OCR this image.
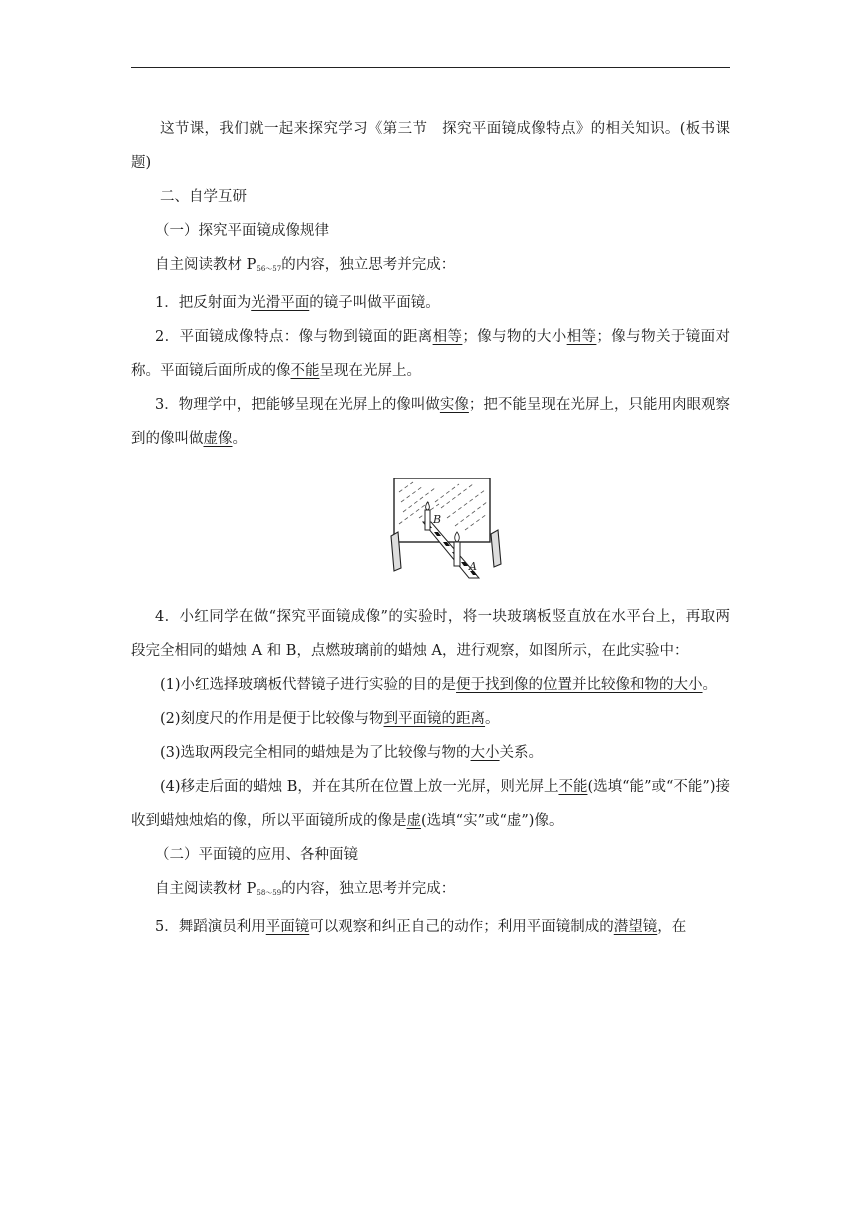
这节课，我们就一起来探究学习《第三节　探究平面镜成像特点》的相关知识。(板书课题)

二、自学互研

（一）探究平面镜成像规律

自主阅读教材 $P_{56\sim 57}$的内容，独立思考并完成：

1．把反射面为光滑平面的镜子叫做平面镜。

2．平面镜成像特点：像与物到镜面的距离相等；像与物的大小相等；像与物关于镜面对称。平面镜后面所成的像不能呈现在光屏上。

3．物理学中，把能够呈现在光屏上的像叫做实像；把不能呈现在光屏上，只能用肉眼观察到的像叫做虚像。

B
A

4．小红同学在做“探究平面镜成像”的实验时，将一块玻璃板竖直放在水平台上，再取两段完全相同的蜡烛 A 和 B，点燃玻璃前的蜡烛 A，进行观察，如图所示，在此实验中：

(1)小红选择玻璃板代替镜子进行实验的目的是便于找到像的位置并比较像和物的大小。

(2)刻度尺的作用是便于比较像与物到平面镜的距离。

(3)选取两段完全相同的蜡烛是为了比较像与物的大小关系。

(4)移走后面的蜡烛 B，并在其所在位置上放一光屏，则光屏上不能(选填“能”或“不能”)接收到蜡烛烛焰的像，所以平面镜所成的像是虚(选填“实”或“虚”)像。

（二）平面镜的应用、各种面镜

自主阅读教材 $P_{58\sim 59}$的内容，独立思考并完成：

5．舞蹈演员利用平面镜可以观察和纠正自己的动作；利用平面镜制成的潜望镜，在
